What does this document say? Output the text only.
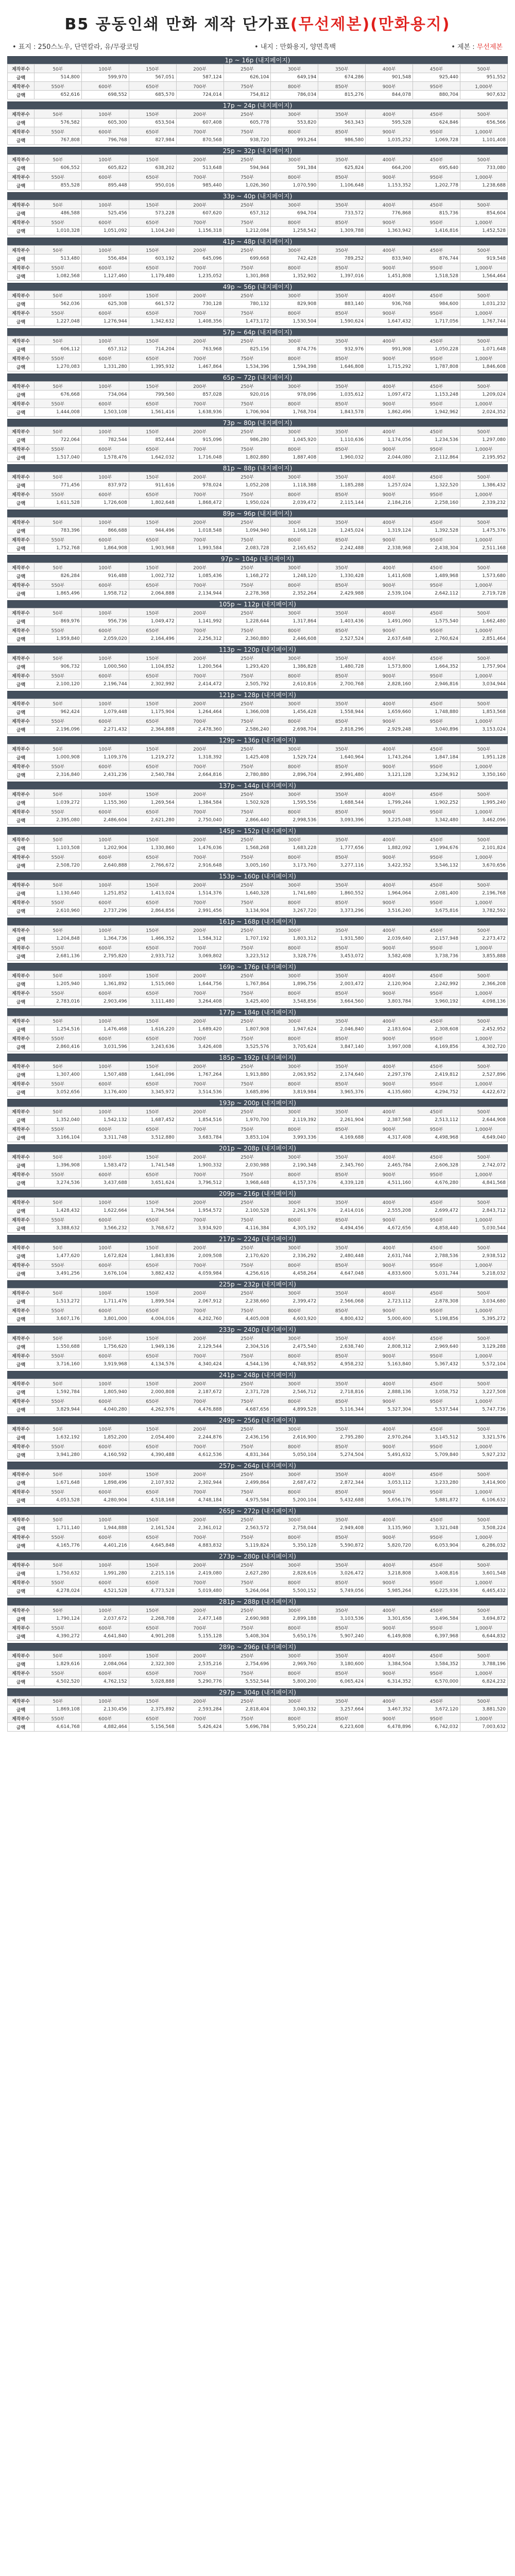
B5 공동인쇄 만화 제작 단가표(무선제본)(만화용지)
• 표지 : 250스노우, 단면칼라, 유/무광코팅	• 내지 : 만화용지, 양면흑백	• 제본 : 무선제본
1p ~ 16p (내지페이지)
제작부수	50부	100부	150부	200부	250부	300부	350부	400부	450부	500부
금액	514,800	599,970	567,051	587,124	626,104	649,194	674,286	901,548	925,440	951,552
제작부수	550부	600부	650부	700부	750부	800부	850부	900부	950부	1,000부
금액	652,616	698,552	685,570	724,014	754,812	786,034	815,276	844,078	880,704	907,632
17p ~ 24p (내지페이지)
제작부수	50부	100부	150부	200부	250부	300부	350부	400부	450부	500부
금액	576,582	605,300	653,504	607,408	605,778	553,820	563,343	595,528	624,846	656,566
제작부수	550부	600부	650부	700부	750부	800부	850부	900부	950부	1,000부
금액	767,808	796,768	827,984	870,568	938,720	993,264	986,580	1,035,252	1,069,728	1,101,408
25p ~ 32p (내지페이지)
제작부수	50부	100부	150부	200부	250부	300부	350부	400부	450부	500부
금액	606,552	605,822	638,202	513,648	594,944	591,384	625,824	664,200	695,640	733,080
제작부수	550부	600부	650부	700부	750부	800부	850부	900부	950부	1,000부
금액	855,528	895,448	950,016	985,440	1,026,360	1,070,590	1,106,648	1,153,352	1,202,778	1,238,688
33p ~ 40p (내지페이지)
제작부수	50부	100부	150부	200부	250부	300부	350부	400부	450부	500부
금액	486,588	525,456	573,228	607,620	657,312	694,704	733,572	776,868	815,736	854,604
제작부수	550부	600부	650부	700부	750부	800부	850부	900부	950부	1,000부
금액	1,010,328	1,051,092	1,104,240	1,156,318	1,212,084	1,258,542	1,309,788	1,363,942	1,416,816	1,452,528
41p ~ 48p (내지페이지)
제작부수	50부	100부	150부	200부	250부	300부	350부	400부	450부	500부
금액	513,480	556,484	603,192	645,096	699,668	742,428	789,252	833,940	876,744	919,548
제작부수	550부	600부	650부	700부	750부	800부	850부	900부	950부	1,000부
금액	1,082,568	1,127,460	1,179,480	1,235,052	1,301,868	1,352,902	1,397,016	1,451,808	1,518,528	1,564,464
49p ~ 56p (내지페이지)
제작부수	50부	100부	150부	200부	250부	300부	350부	400부	450부	500부
금액	562,036	625,308	661,572	730,128	780,132	829,908	883,140	936,768	984,600	1,031,232
제작부수	550부	600부	650부	700부	750부	800부	850부	900부	950부	1,000부
금액	1,227,048	1,276,944	1,342,632	1,408,356	1,473,172	1,530,504	1,590,624	1,647,432	1,717,056	1,767,744
57p ~ 64p (내지페이지)
제작부수	50부	100부	150부	200부	250부	300부	350부	400부	450부	500부
금액	606,112	657,312	714,204	763,968	825,156	874,776	932,976	991,908	1,050,228	1,071,648
제작부수	550부	600부	650부	700부	750부	800부	850부	900부	950부	1,000부
금액	1,270,083	1,331,280	1,395,932	1,467,864	1,534,396	1,594,398	1,646,808	1,715,292	1,787,808	1,846,608
65p ~ 72p (내지페이지)
제작부수	50부	100부	150부	200부	250부	300부	350부	400부	450부	500부
금액	676,668	734,064	799,560	857,028	920,016	978,096	1,035,612	1,097,472	1,153,248	1,209,024
제작부수	550부	600부	650부	700부	750부	800부	850부	900부	950부	1,000부
금액	1,444,008	1,503,108	1,561,416	1,638,936	1,706,904	1,768,704	1,843,578	1,862,496	1,942,962	2,024,352
73p ~ 80p (내지페이지)
제작부수	50부	100부	150부	200부	250부	300부	350부	400부	450부	500부
금액	722,064	782,544	852,444	915,096	986,280	1,045,920	1,110,636	1,174,056	1,234,536	1,297,080
제작부수	550부	600부	650부	700부	750부	800부	850부	900부	950부	1,000부
금액	1,517,040	1,578,476	1,642,032	1,716,048	1,802,880	1,887,408	1,960,032	2,044,080	2,112,864	2,195,952
81p ~ 88p (내지페이지)
제작부수	50부	100부	150부	200부	250부	300부	350부	400부	450부	500부
금액	771,456	837,972	911,616	978,024	1,052,208	1,118,388	1,185,288	1,257,024	1,322,520	1,386,432
제작부수	550부	600부	650부	700부	750부	800부	850부	900부	950부	1,000부
금액	1,611,528	1,726,608	1,802,648	1,868,472	1,950,024	2,039,472	2,115,144	2,184,216	2,258,160	2,339,232
89p ~ 96p (내지페이지)
제작부수	50부	100부	150부	200부	250부	300부	350부	400부	450부	500부
금액	783,396	866,688	944,496	1,018,548	1,094,940	1,168,128	1,245,024	1,319,124	1,392,528	1,475,376
제작부수	550부	600부	650부	700부	750부	800부	850부	900부	950부	1,000부
금액	1,752,768	1,864,908	1,903,968	1,993,584	2,083,728	2,165,652	2,242,488	2,338,968	2,438,304	2,511,168
97p ~ 104p (내지페이지)
제작부수	50부	100부	150부	200부	250부	300부	350부	400부	450부	500부
금액	826,284	916,488	1,002,732	1,085,436	1,168,272	1,248,120	1,330,428	1,411,608	1,489,968	1,573,680
제작부수	550부	600부	650부	700부	750부	800부	850부	900부	950부	1,000부
금액	1,865,496	1,958,712	2,064,888	2,134,944	2,278,368	2,352,264	2,429,988	2,539,104	2,642,112	2,719,728
105p ~ 112p (내지페이지)
제작부수	50부	100부	150부	200부	250부	300부	350부	400부	450부	500부
금액	869,976	956,736	1,049,472	1,141,992	1,228,644	1,317,864	1,403,436	1,491,060	1,575,540	1,662,480
제작부수	550부	600부	650부	700부	750부	800부	850부	900부	950부	1,000부
금액	1,959,840	2,059,020	2,164,496	2,256,312	2,360,880	2,446,608	2,527,524	2,637,648	2,760,624	2,851,464
113p ~ 120p (내지페이지)
제작부수	50부	100부	150부	200부	250부	300부	350부	400부	450부	500부
금액	906,732	1,000,560	1,104,852	1,200,564	1,293,420	1,386,828	1,480,728	1,573,800	1,664,352	1,757,904
제작부수	550부	600부	650부	700부	750부	800부	850부	900부	950부	1,000부
금액	2,100,120	2,196,744	2,302,992	2,414,472	2,505,792	2,610,816	2,700,768	2,828,160	2,946,816	3,034,944
121p ~ 128p (내지페이지)
제작부수	50부	100부	150부	200부	250부	300부	350부	400부	450부	500부
금액	962,424	1,079,448	1,175,904	1,264,464	1,366,008	1,456,428	1,558,944	1,659,660	1,748,880	1,853,568
제작부수	550부	600부	650부	700부	750부	800부	850부	900부	950부	1,000부
금액	2,196,096	2,271,432	2,364,888	2,478,360	2,586,240	2,698,704	2,818,296	2,929,248	3,040,896	3,153,024
129p ~ 136p (내지페이지)
제작부수	50부	100부	150부	200부	250부	300부	350부	400부	450부	500부
금액	1,000,908	1,109,376	1,219,272	1,318,392	1,425,408	1,529,724	1,640,964	1,743,264	1,847,184	1,951,128
제작부수	550부	600부	650부	700부	750부	800부	850부	900부	950부	1,000부
금액	2,316,840	2,431,236	2,540,784	2,664,816	2,780,880	2,896,704	2,991,480	3,121,128	3,234,912	3,350,160
137p ~ 144p (내지페이지)
제작부수	50부	100부	150부	200부	250부	300부	350부	400부	450부	500부
금액	1,039,272	1,155,360	1,269,564	1,384,584	1,502,928	1,595,556	1,688,544	1,799,244	1,902,252	1,995,240
제작부수	550부	600부	650부	700부	750부	800부	850부	900부	950부	1,000부
금액	2,395,080	2,486,604	2,621,280	2,750,040	2,866,440	2,998,536	3,093,396	3,225,048	3,342,480	3,462,096
145p ~ 152p (내지페이지)
제작부수	50부	100부	150부	200부	250부	300부	350부	400부	450부	500부
금액	1,103,508	1,202,904	1,330,860	1,476,036	1,568,268	1,683,228	1,777,656	1,882,092	1,994,676	2,101,824
제작부수	550부	600부	650부	700부	750부	800부	850부	900부	950부	1,000부
금액	2,508,720	2,640,888	2,766,672	2,916,648	3,005,160	3,173,760	3,277,116	3,422,352	3,546,132	3,670,656
153p ~ 160p (내지페이지)
제작부수	50부	100부	150부	200부	250부	300부	350부	400부	450부	500부
금액	1,130,640	1,251,852	1,413,024	1,514,376	1,640,328	1,741,680	1,860,552	1,964,064	2,081,400	2,196,768
제작부수	550부	600부	650부	700부	750부	800부	850부	900부	950부	1,000부
금액	2,610,960	2,737,296	2,864,856	2,991,456	3,134,904	3,267,720	3,373,296	3,516,240	3,675,816	3,782,592
161p ~ 168p (내지페이지)
제작부수	50부	100부	150부	200부	250부	300부	350부	400부	450부	500부
금액	1,204,848	1,364,736	1,466,352	1,584,312	1,707,192	1,803,312	1,931,580	2,039,640	2,157,948	2,273,472
제작부수	550부	600부	650부	700부	750부	800부	850부	900부	950부	1,000부
금액	2,681,136	2,795,820	2,933,712	3,069,802	3,223,512	3,328,776	3,453,072	3,582,408	3,738,736	3,855,888
169p ~ 176p (내지페이지)
제작부수	50부	100부	150부	200부	250부	300부	350부	400부	450부	500부
금액	1,205,940	1,361,892	1,515,060	1,644,756	1,767,864	1,896,756	2,003,472	2,120,904	2,242,992	2,366,208
제작부수	550부	600부	650부	700부	750부	800부	850부	900부	950부	1,000부
금액	2,783,016	2,903,496	3,111,480	3,264,408	3,425,400	3,548,856	3,664,560	3,803,784	3,960,192	4,098,136
177p ~ 184p (내지페이지)
제작부수	50부	100부	150부	200부	250부	300부	350부	400부	450부	500부
금액	1,254,516	1,476,468	1,616,220	1,689,420	1,807,908	1,947,624	2,046,840	2,183,604	2,308,608	2,452,952
제작부수	550부	600부	650부	700부	750부	800부	850부	900부	950부	1,000부
금액	2,860,416	3,031,596	3,243,636	3,426,408	3,525,576	3,705,624	3,847,140	3,997,008	4,169,856	4,302,720
185p ~ 192p (내지페이지)
제작부수	50부	100부	150부	200부	250부	300부	350부	400부	450부	500부
금액	1,307,400	1,507,488	1,641,096	1,767,264	1,913,880	2,063,952	2,174,640	2,297,376	2,419,812	2,527,896
제작부수	550부	600부	650부	700부	750부	800부	850부	900부	950부	1,000부
금액	3,052,656	3,176,400	3,345,972	3,514,536	3,685,896	3,819,984	3,965,376	4,135,680	4,294,752	4,422,672
193p ~ 200p (내지페이지)
제작부수	50부	100부	150부	200부	250부	300부	350부	400부	450부	500부
금액	1,352,040	1,542,132	1,687,452	1,854,516	1,970,700	2,119,392	2,261,904	2,387,568	2,513,112	2,644,908
제작부수	550부	600부	650부	700부	750부	800부	850부	900부	950부	1,000부
금액	3,166,104	3,311,748	3,512,880	3,683,784	3,853,104	3,993,336	4,169,688	4,317,408	4,498,968	4,649,040
201p ~ 208p (내지페이지)
제작부수	50부	100부	150부	200부	250부	300부	350부	400부	450부	500부
금액	1,396,908	1,583,472	1,741,548	1,900,332	2,030,988	2,190,348	2,345,760	2,465,784	2,606,328	2,742,072
제작부수	550부	600부	650부	700부	750부	800부	850부	900부	950부	1,000부
금액	3,274,536	3,437,688	3,651,624	3,796,512	3,968,448	4,157,376	4,339,128	4,511,160	4,676,280	4,841,568
209p ~ 216p (내지페이지)
제작부수	50부	100부	150부	200부	250부	300부	350부	400부	450부	500부
금액	1,428,432	1,622,664	1,794,564	1,954,572	2,100,528	2,261,976	2,414,016	2,555,208	2,699,472	2,843,712
제작부수	550부	600부	650부	700부	750부	800부	850부	900부	950부	1,000부
금액	3,388,632	3,566,232	3,768,672	3,934,920	4,116,384	4,305,192	4,494,456	4,672,656	4,858,440	5,030,544
217p ~ 224p (내지페이지)
제작부수	50부	100부	150부	200부	250부	300부	350부	400부	450부	500부
금액	1,477,620	1,672,824	1,843,836	2,009,508	2,170,620	2,336,292	2,480,448	2,631,744	2,788,536	2,938,512
제작부수	550부	600부	650부	700부	750부	800부	850부	900부	950부	1,000부
금액	3,491,256	3,676,104	3,882,432	4,059,984	4,256,616	4,458,264	4,647,048	4,833,600	5,031,744	5,218,032
225p ~ 232p (내지페이지)
제작부수	50부	100부	150부	200부	250부	300부	350부	400부	450부	500부
금액	1,513,272	1,711,476	1,899,504	2,067,912	2,238,660	2,399,472	2,566,068	2,723,112	2,878,308	3,034,680
제작부수	550부	600부	650부	700부	750부	800부	850부	900부	950부	1,000부
금액	3,607,176	3,801,000	4,004,016	4,202,760	4,405,008	4,603,920	4,800,432	5,000,400	5,198,856	5,395,272
233p ~ 240p (내지페이지)
제작부수	50부	100부	150부	200부	250부	300부	350부	400부	450부	500부
금액	1,550,688	1,756,620	1,949,136	2,129,544	2,304,516	2,475,540	2,638,740	2,808,312	2,969,640	3,129,288
제작부수	550부	600부	650부	700부	750부	800부	850부	900부	950부	1,000부
금액	3,716,160	3,919,968	4,134,576	4,340,424	4,544,136	4,748,952	4,958,232	5,163,840	5,367,432	5,572,104
241p ~ 248p (내지페이지)
제작부수	50부	100부	150부	200부	250부	300부	350부	400부	450부	500부
금액	1,592,784	1,805,940	2,000,808	2,187,672	2,371,728	2,546,712	2,718,816	2,888,136	3,058,752	3,227,508
제작부수	550부	600부	650부	700부	750부	800부	850부	900부	950부	1,000부
금액	3,829,944	4,040,280	4,262,976	4,476,888	4,687,656	4,899,528	5,116,344	5,327,304	5,537,544	5,747,736
249p ~ 256p (내지페이지)
제작부수	50부	100부	150부	200부	250부	300부	350부	400부	450부	500부
금액	1,632,192	1,852,200	2,054,400	2,244,876	2,436,156	2,616,900	2,795,280	2,970,264	3,145,512	3,321,576
제작부수	550부	600부	650부	700부	750부	800부	850부	900부	950부	1,000부
금액	3,941,280	4,160,592	4,390,488	4,612,536	4,831,344	5,050,104	5,274,504	5,491,632	5,709,840	5,927,232
257p ~ 264p (내지페이지)
제작부수	50부	100부	150부	200부	250부	300부	350부	400부	450부	500부
금액	1,671,648	1,898,496	2,107,932	2,302,944	2,499,864	2,687,472	2,872,344	3,053,112	3,233,280	3,414,900
제작부수	550부	600부	650부	700부	750부	800부	850부	900부	950부	1,000부
금액	4,053,528	4,280,904	4,518,168	4,748,184	4,975,584	5,200,104	5,432,688	5,656,176	5,881,872	6,106,632
265p ~ 272p (내지페이지)
제작부수	50부	100부	150부	200부	250부	300부	350부	400부	450부	500부
금액	1,711,140	1,944,888	2,161,524	2,361,012	2,563,572	2,758,044	2,949,408	3,135,960	3,321,048	3,508,224
제작부수	550부	600부	650부	700부	750부	800부	850부	900부	950부	1,000부
금액	4,165,776	4,401,216	4,645,848	4,883,832	5,119,824	5,350,128	5,590,872	5,820,720	6,053,904	6,286,032
273p ~ 280p (내지페이지)
제작부수	50부	100부	150부	200부	250부	300부	350부	400부	450부	500부
금액	1,750,632	1,991,280	2,215,116	2,419,080	2,627,280	2,828,616	3,026,472	3,218,808	3,408,816	3,601,548
제작부수	550부	600부	650부	700부	750부	800부	850부	900부	950부	1,000부
금액	4,278,024	4,521,528	4,773,528	5,019,480	5,264,064	5,500,152	5,749,056	5,985,264	6,225,936	6,465,432
281p ~ 288p (내지페이지)
제작부수	50부	100부	150부	200부	250부	300부	350부	400부	450부	500부
금액	1,790,124	2,037,672	2,268,708	2,477,148	2,690,988	2,899,188	3,103,536	3,301,656	3,496,584	3,694,872
제작부수	550부	600부	650부	700부	750부	800부	850부	900부	950부	1,000부
금액	4,390,272	4,641,840	4,901,208	5,155,128	5,408,304	5,650,176	5,907,240	6,149,808	6,397,968	6,644,832
289p ~ 296p (내지페이지)
제작부수	50부	100부	150부	200부	250부	300부	350부	400부	450부	500부
금액	1,829,616	2,084,064	2,322,300	2,535,216	2,754,696	2,969,760	3,180,600	3,384,504	3,584,352	3,788,196
제작부수	550부	600부	650부	700부	750부	800부	850부	900부	950부	1,000부
금액	4,502,520	4,762,152	5,028,888	5,290,776	5,552,544	5,800,200	6,065,424	6,314,352	6,570,000	6,824,232
297p ~ 304p (내지페이지)
제작부수	50부	100부	150부	200부	250부	300부	350부	400부	450부	500부
금액	1,869,108	2,130,456	2,375,892	2,593,284	2,818,404	3,040,332	3,257,664	3,467,352	3,672,120	3,881,520
제작부수	550부	600부	650부	700부	750부	800부	850부	900부	950부	1,000부
금액	4,614,768	4,882,464	5,156,568	5,426,424	5,696,784	5,950,224	6,223,608	6,478,896	6,742,032	7,003,632
